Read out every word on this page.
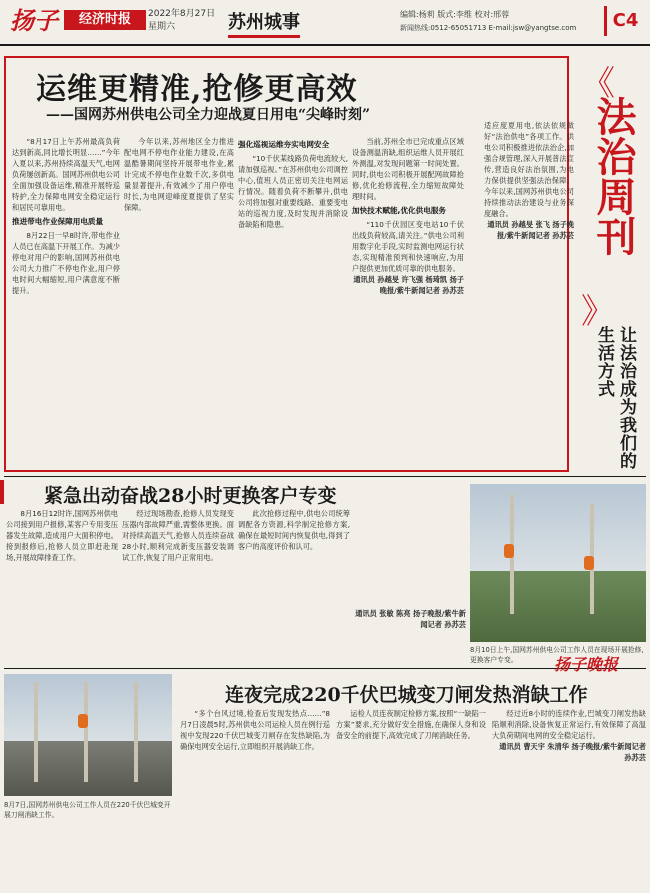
扬子	经济时报	2022年8月27日
星期六	苏州城事	编辑:杨莉 版式:李维 校对:邢蓉
新闻热线:0512-65051713 E-mail:jsw@yangtse.com	C4
运维更精准,抢修更高效
——国网苏州供电公司全力迎战夏日用电“尖峰时刻”

“8月17日上午苏州最高负荷达到新高,同比增长明显……”今年入夏以来,苏州持续高温天气,电网负荷屡创新高。国网苏州供电公司全面加强设备运维,精准开展特巡特护,全力保障电网安全稳定运行和居民可靠用电。

推进带电作业保障用电质量

8月22日一早8时许,带电作业人员已在高温下开展工作。为减少停电对用户的影响,国网苏州供电公司大力推广不停电作业,用户停电时间大幅缩短,用户满意度不断提升。

今年以来,苏州地区全力推进配电网不停电作业能力建设,在高温酷暑期间坚持开展带电作业,累计完成不停电作业数千次,多供电量显著提升,有效减少了用户停电时长,为电网迎峰度夏提供了坚实保障。

强化巡视运维夯实电网安全

“10千伏某线路负荷电流较大,请加强巡视。”在苏州供电公司调控中心,值班人员正密切关注电网运行情况。随着负荷不断攀升,供电公司将加强对重要线路、重要变电站的巡视力度,及时发现并消除设备缺陷和隐患。

当前,苏州全市已完成重点区域设备测温消缺,组织运维人员开展红外测温,对发现问题第一时间处置。同时,供电公司积极开展配网故障抢修,优化抢修流程,全力缩短故障处理时间。

加快技术赋能,优化供电服务

“110千伏园区变电站10千伏出线负荷较高,请关注。”供电公司利用数字化手段,实时监测电网运行状态,实现精准预判和快速响应,为用户提供更加优质可靠的供电服务。

通讯员 孙越旻 许飞强 杨琦凯 扬子晚报/紫牛新闻记者 孙苏芸

适应度夏用电,依法依规做好“法治供电”各项工作。供电公司积极推进依法治企,加强合规管理,深入开展普法宣传,营造良好法治氛围,为电力保供提供坚强法治保障。今年以来,国网苏州供电公司持续推动法治建设与业务深度融合。

通讯员 孙越旻 张飞 扬子晚报/紫牛新闻记者 孙苏芸

《
法治周刊
》
让法治成为我们的生活方式
紧急出动奋战28小时更换客户专变

8月16日12时许,国网苏州供电公司接到用户报修,某客户专用变压器发生故障,造成用户大面积停电。接到报修后,抢修人员立即赶赴现场,开展故障排查工作。

经过现场勘查,抢修人员发现变压器内部故障严重,需整体更换。面对持续高温天气,抢修人员连续奋战28小时,顺利完成新变压器安装调试工作,恢复了用户正常用电。

此次抢修过程中,供电公司统筹调配各方资源,科学制定抢修方案,确保在最短时间内恢复供电,得到了客户的高度评价和认可。

通讯员 张敏 陈亮 扬子晚报/紫牛新闻记者 孙苏芸

8月10日上午,国网苏州供电公司工作人员在现场开展抢修,更换客户专变。	扬子晚报
8月7日,国网苏州供电公司工作人员在220千伏巴城变开展刀闸消缺工作。
连夜完成220千伏巴城变刀闸发热消缺工作

“多个台风过境,检查后发现发热点……”8月7日凌晨5时,苏州供电公司运检人员在例行巡视中发现220千伏巴城变刀闸存在发热缺陷,为确保电网安全运行,立即组织开展消缺工作。

运检人员连夜制定检修方案,按照“一缺陷一方案”要求,充分做好安全措施,在确保人身和设备安全的前提下,高效完成了刀闸消缺任务。

经过近8小时的连续作业,巴城变刀闸发热缺陷顺利消除,设备恢复正常运行,有效保障了高温大负荷期间电网的安全稳定运行。

通讯员 曹天宇 朱清华 扬子晚报/紫牛新闻记者 孙苏芸
